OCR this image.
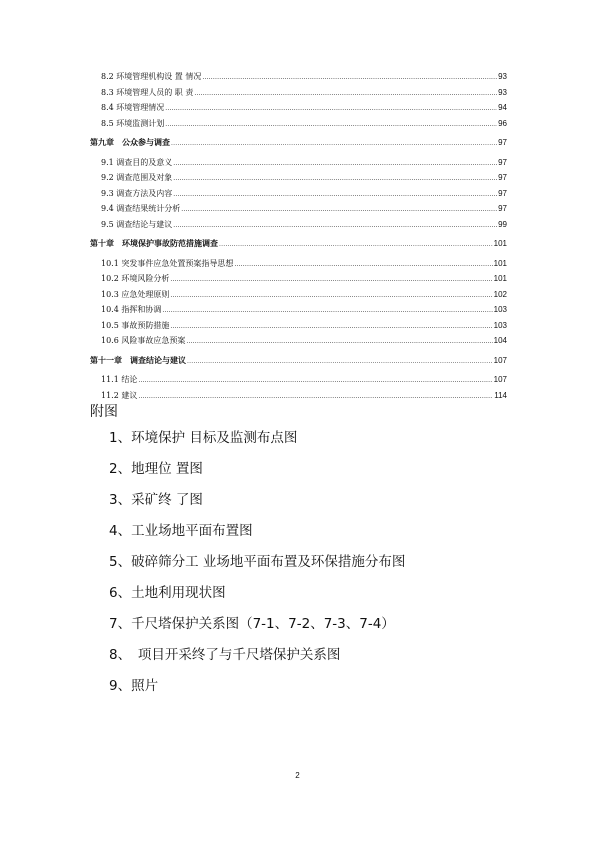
8.2 环境管理机构设 置 情况 .....	93
8.3 环境管理人员的 职 责 .....	93
8.4 环境管理情况 .....	94
8.5 环境监测计划 .....	96
第九章　公众参与调查 .....	97
9.1 调查目的及意义 .....	97
9.2 调查范围及对象 .....	97
9.3 调查方法及内容 .....	97
9.4 调查结果统计分析 .....	97
9.5 调查结论与建议 .....	99
第十章　环境保护事故防范措施调查 .....	101
10.1 突发事件应急处置预案指导思想 .....	101
10.2 环境风险分析 .....	101
10.3 应急处理原则 .....	102
10.4 指挥和协调 .....	103
10.5 事故预防措施 .....	103
10.6 风险事故应急预案 .....	104
第十一章　调查结论与建议 .....	107
11.1 结论 .....	107
11.2 建议 .....	114
附图
1、环境保护 目标及监测布点图
2、地理位 置图
3、采矿终 了图
4、工业场地平面布置图
5、破碎筛分工 业场地平面布置及环保措施分布图
6、土地利用现状图
7、千尺塔保护关系图（7-1、7-2、7-3、7-4）
8、　项目开采终了与千尺塔保护关系图
9、照片
2
